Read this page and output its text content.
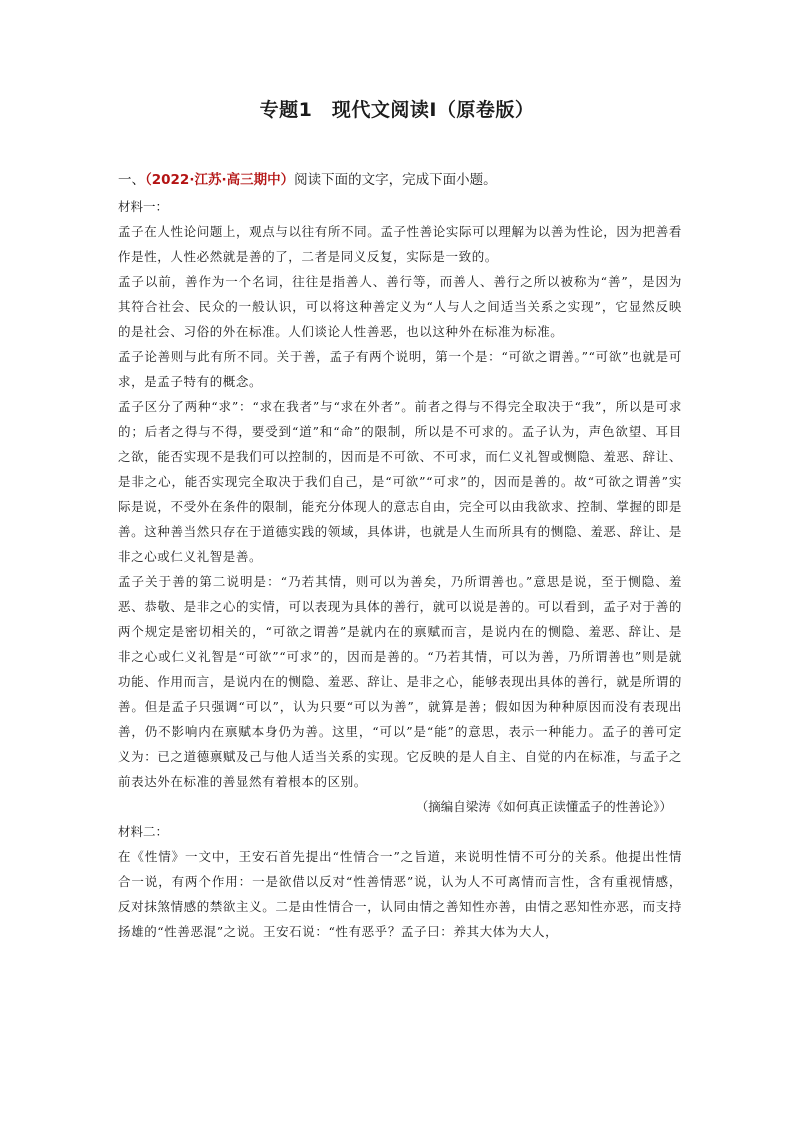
专题1　现代文阅读I（原卷版）

一、（2022·江苏·高三期中）阅读下面的文字，完成下面小题。

材料一：

孟子在人性论问题上，观点与以往有所不同。孟子性善论实际可以理解为以善为性论，因为把善看作是性，人性必然就是善的了，二者是同义反复，实际是一致的。

孟子以前，善作为一个名词，往往是指善人、善行等，而善人、善行之所以被称为“善”，是因为其符合社会、民众的一般认识，可以将这种善定义为“人与人之间适当关系之实现”，它显然反映的是社会、习俗的外在标准。人们谈论人性善恶，也以这种外在标准为标准。

孟子论善则与此有所不同。关于善，孟子有两个说明，第一个是：“可欲之谓善。”“可欲”也就是可求，是孟子特有的概念。

孟子区分了两种“求”：“求在我者”与“求在外者”。前者之得与不得完全取决于“我”，所以是可求的；后者之得与不得，要受到“道”和“命”的限制，所以是不可求的。孟子认为，声色欲望、耳目之欲，能否实现不是我们可以控制的，因而是不可欲、不可求，而仁义礼智或恻隐、羞恶、辞让、是非之心，能否实现完全取决于我们自己，是“可欲”“可求”的，因而是善的。故“可欲之谓善”实际是说，不受外在条件的限制，能充分体现人的意志自由，完全可以由我欲求、控制、掌握的即是善。这种善当然只存在于道德实践的领域，具体讲，也就是人生而所具有的恻隐、羞恶、辞让、是非之心或仁义礼智是善。

孟子关于善的第二说明是：“乃若其情，则可以为善矣，乃所谓善也。”意思是说，至于恻隐、羞恶、恭敬、是非之心的实情，可以表现为具体的善行，就可以说是善的。可以看到，孟子对于善的两个规定是密切相关的，“可欲之谓善”是就内在的禀赋而言，是说内在的恻隐、羞恶、辞让、是非之心或仁义礼智是“可欲”“可求”的，因而是善的。“乃若其情，可以为善，乃所谓善也”则是就功能、作用而言，是说内在的恻隐、羞恶、辞让、是非之心，能够表现出具体的善行，就是所谓的善。但是孟子只强调“可以”，认为只要“可以为善”，就算是善；假如因为种种原因而没有表现出善，仍不影响内在禀赋本身仍为善。这里，“可以”是“能”的意思，表示一种能力。孟子的善可定义为：已之道德禀赋及己与他人适当关系的实现。它反映的是人自主、自觉的内在标准，与孟子之前表达外在标准的善显然有着根本的区别。

（摘编自梁涛《如何真正读懂孟子的性善论》）

材料二：

在《性情》一文中，王安石首先提出“性情合一”之旨道，来说明性情不可分的关系。他提出性情合一说，有两个作用：一是欲借以反对“性善情恶”说，认为人不可离情而言性，含有重视情感，反对抹煞情感的禁欲主义。二是由性情合一，认同由情之善知性亦善，由情之恶知性亦恶，而支持扬雄的“性善恶混”之说。王安石说：“性有恶乎？孟子曰：养其大体为大人，
